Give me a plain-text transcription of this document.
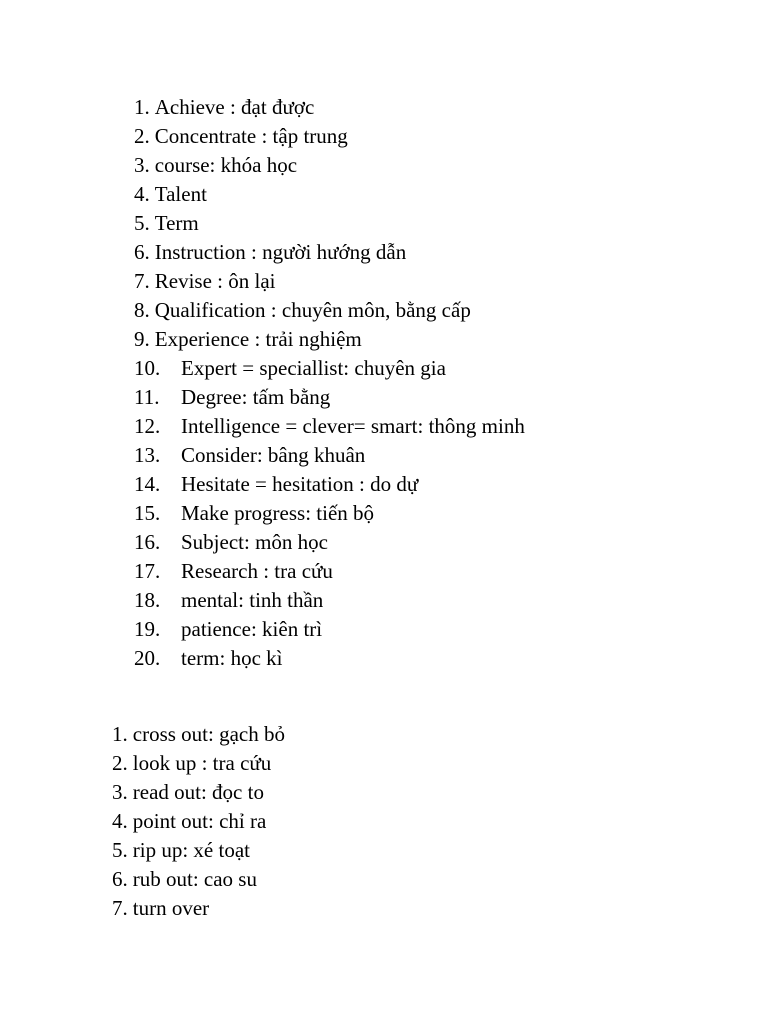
1. Achieve : đạt được
2. Concentrate : tập trung
3. course: khóa học
4. Talent
5. Term
6. Instruction : người hướng dẫn
7. Revise : ôn lại
8. Qualification : chuyên môn, bằng cấp
9. Experience : trải nghiệm
10. Expert = speciallist: chuyên gia
11.	Degree: tấm bằng
12. Intelligence = clever= smart: thông minh
13. Consider: bâng khuân
14. Hesitate = hesitation : do dự
15. Make progress: tiến bộ
16. Subject: môn học
17. Research : tra cứu
18. mental: tinh thần
19. patience: kiên trì
20. term: học kì
1. cross out: gạch bỏ
2. look up : tra cứu
3. read out: đọc to
4. point out: chỉ ra
5. rip up: xé toạt
6. rub out: cao su
7. turn over
